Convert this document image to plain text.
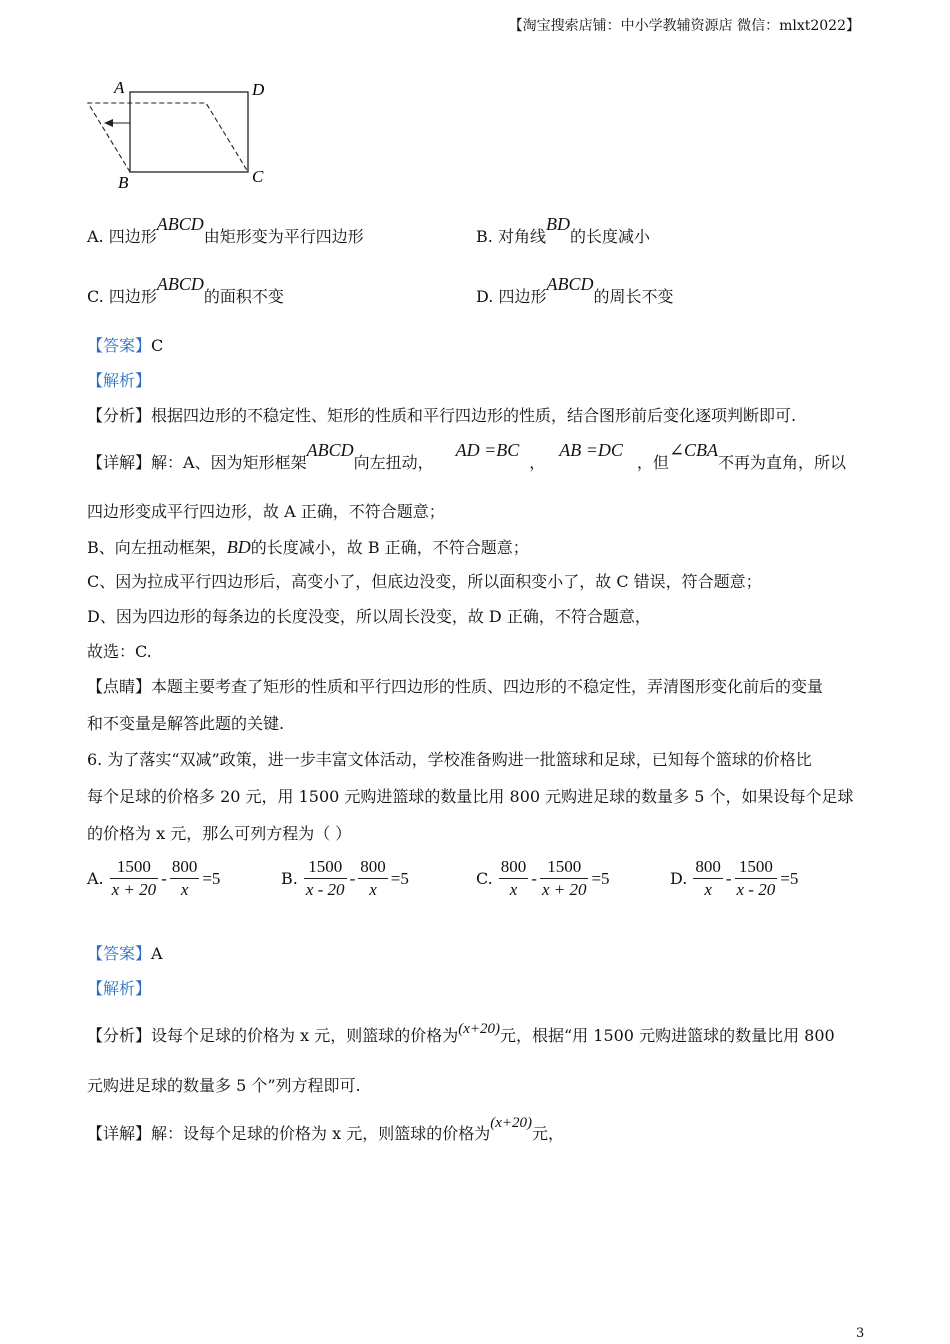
【淘宝搜索店铺：中小学教辅资源店 微信：mlxt2022】
A	D
B	C
A. 四边形ABCD由矩形变为平行四边形	B. 对角线BD的长度减小
C. 四边形ABCD的面积不变	D. 四边形ABCD的周长不变
【答案】C
【解析】
【分析】根据四边形的不稳定性、矩形的性质和平行四边形的性质，结合图形前后变化逐项判断即可.
【详解】解：A、因为矩形框架ABCD向左扭动，AD =BC，AB =DC，但∠CBA不再为直角，所以
四边形变成平行四边形，故 A 正确，不符合题意；
B、向左扭动框架，BD的长度减小，故 B 正确，不符合题意；
C、因为拉成平行四边形后，高变小了，但底边没变，所以面积变小了，故 C 错误，符合题意；
D、因为四边形的每条边的长度没变，所以周长没变，故 D 正确，不符合题意，
故选：C.
【点睛】本题主要考查了矩形的性质和平行四边形的性质、四边形的不稳定性，弄清图形变化前后的变量
和不变量是解答此题的关键.
6. 为了落实“双减”政策，进一步丰富文体活动，学校准备购进一批篮球和足球，已知每个篮球的价格比
每个足球的价格多 20 元，用 1500 元购进篮球的数量比用 800 元购进足球的数量多 5 个，如果设每个足球
的价格为 x 元，那么可列方程为（ ）
A. $\frac{1500}{x + 20} - \frac{800}{x} =5$	B. $\frac{1500}{x - 20} - \frac{800}{x} =5$	C. $\frac{800}{x} - \frac{1500}{x + 20} =5$	D. $\frac{800}{x} - \frac{1500}{x - 20} =5$
【答案】A
【解析】
【分析】设每个足球的价格为 x 元，则篮球的价格为(x+20)元，根据“用 1500 元购进篮球的数量比用 800
元购进足球的数量多 5 个”列方程即可.
【详解】解：设每个足球的价格为 x 元，则篮球的价格为(x+20)元，
3
